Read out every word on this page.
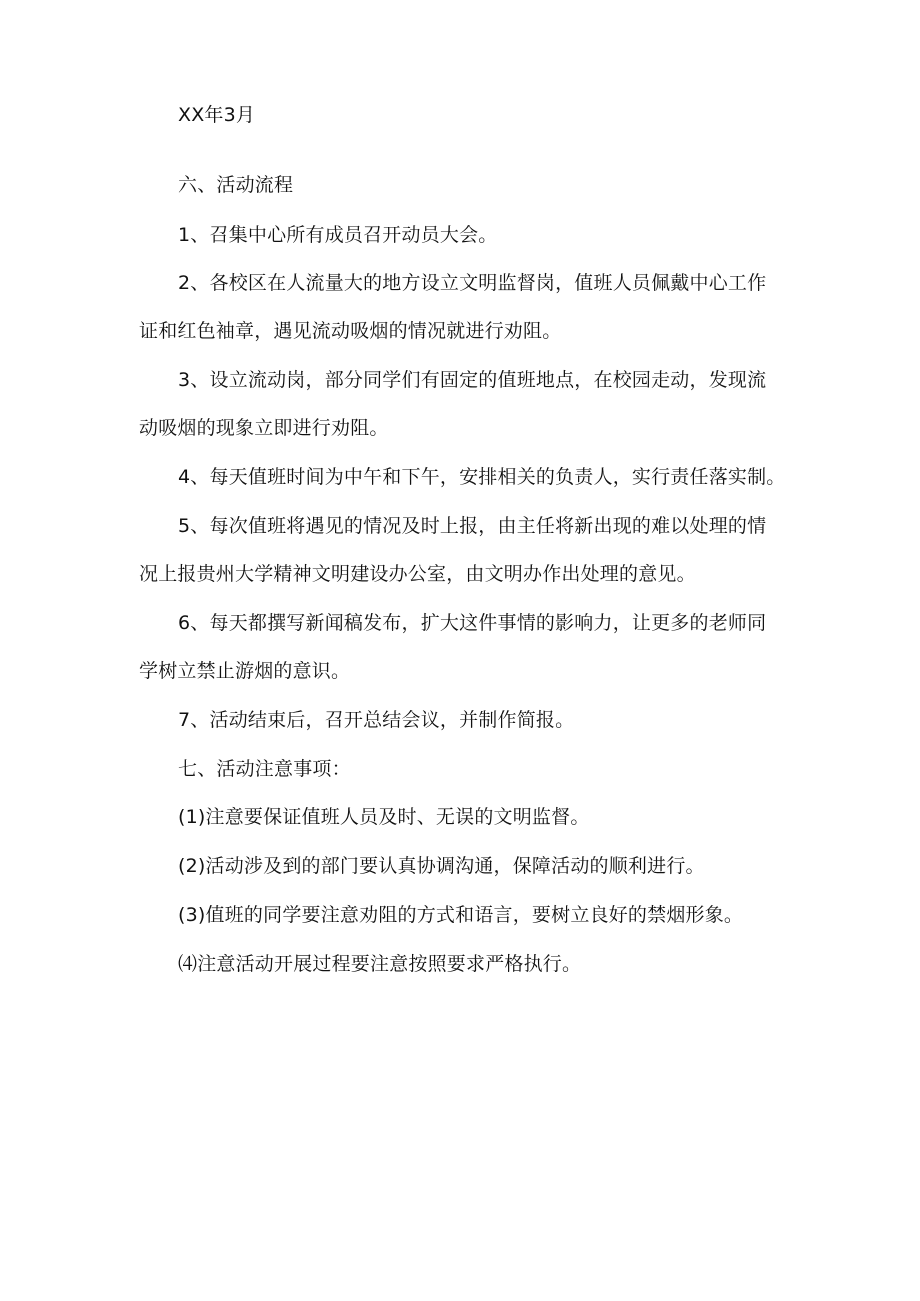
XX年3月
六、活动流程
1、召集中心所有成员召开动员大会。
2、各校区在人流量大的地方设立文明监督岗，值班人员佩戴中心工作
证和红色袖章，遇见流动吸烟的情况就进行劝阻。
3、设立流动岗，部分同学们有固定的值班地点，在校园走动，发现流
动吸烟的现象立即进行劝阻。
4、每天值班时间为中午和下午，安排相关的负责人，实行责任落实制。
5、每次值班将遇见的情况及时上报，由主任将新出现的难以处理的情
况上报贵州大学精神文明建设办公室，由文明办作出处理的意见。
6、每天都撰写新闻稿发布，扩大这件事情的影响力，让更多的老师同
学树立禁止游烟的意识。
7、活动结束后，召开总结会议，并制作简报。
七、活动注意事项：
(1)注意要保证值班人员及时、无误的文明监督。
(2)活动涉及到的部门要认真协调沟通，保障活动的顺利进行。
(3)值班的同学要注意劝阻的方式和语言，要树立良好的禁烟形象。
⑷注意活动开展过程要注意按照要求严格执行。
